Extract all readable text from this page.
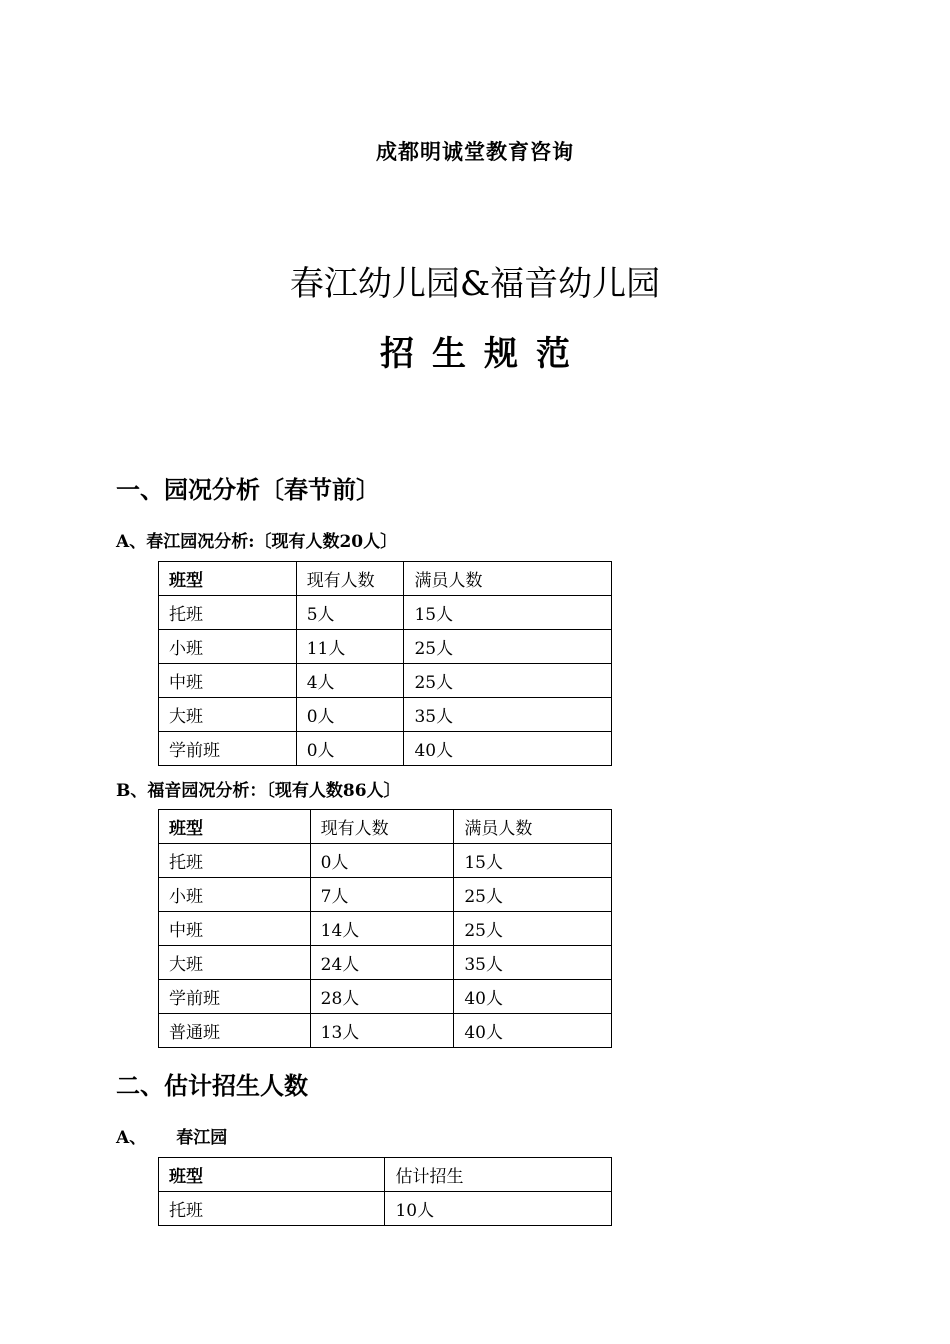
成都明诚堂教育咨询
春江幼儿园&福音幼儿园
招生规范
一、园况分析〔春节前〕
A、春江园况分析:〔现有人数20人〕
班型	现有人数	满员人数
托班	5人	15人
小班	11人	25人
中班	4人	25人
大班	0人	35人
学前班	0人	40人
B、福音园况分析：〔现有人数86人〕
班型	现有人数	满员人数
托班	0人	15人
小班	7人	25人
中班	14人	25人
大班	24人	35人
学前班	28人	40人
普通班	13人	40人
二、估计招生人数
A、 春江园
班型	估计招生
托班	10人
